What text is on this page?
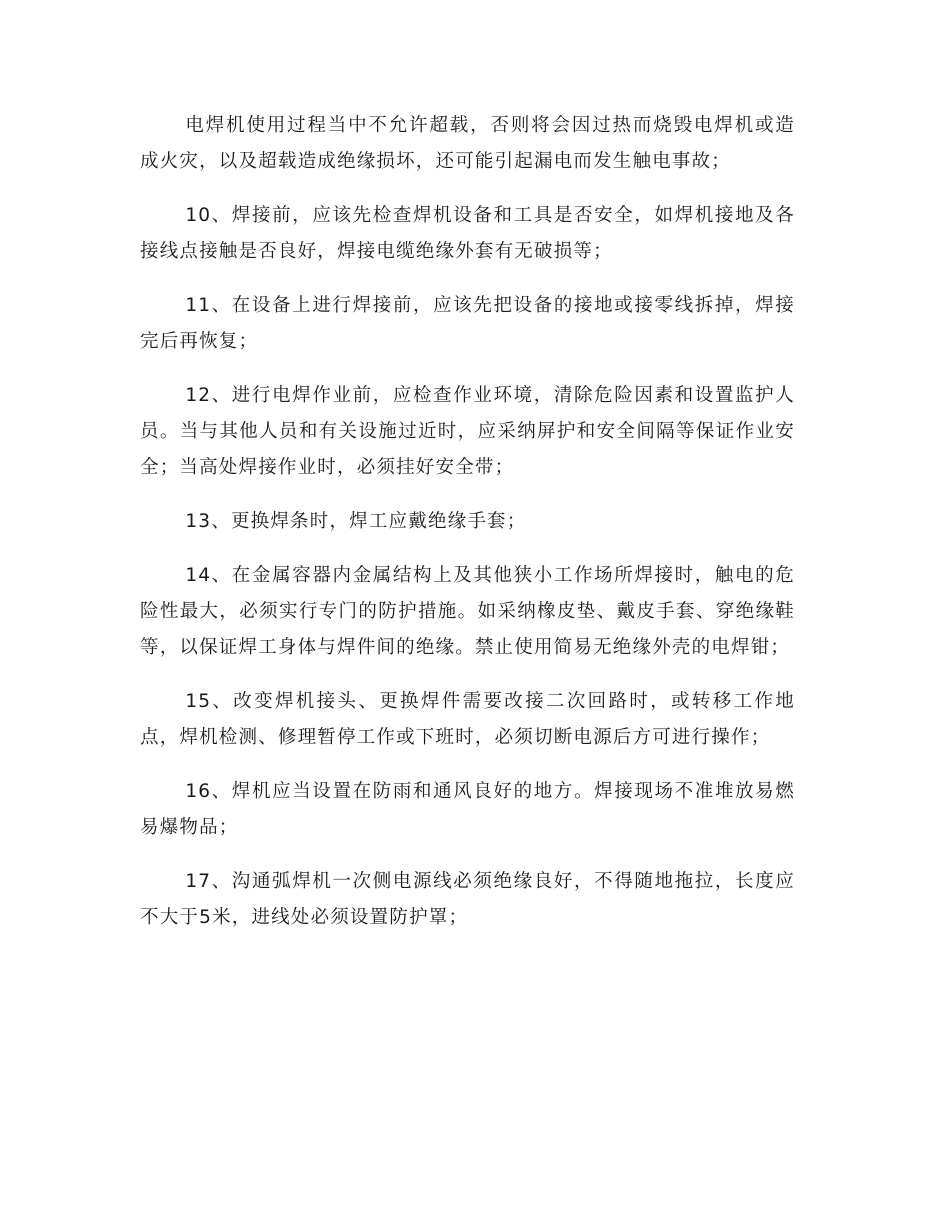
电焊机使用过程当中不允许超载，否则将会因过热而烧毁电焊机或造成火灾，以及超载造成绝缘损坏，还可能引起漏电而发生触电事故；

10、焊接前，应该先检查焊机设备和工具是否安全，如焊机接地及各接线点接触是否良好，焊接电缆绝缘外套有无破损等；

11、在设备上进行焊接前，应该先把设备的接地或接零线拆掉，焊接完后再恢复；

12、进行电焊作业前，应检查作业环境，清除危险因素和设置监护人员。当与其他人员和有关设施过近时，应采纳屏护和安全间隔等保证作业安全；当高处焊接作业时，必须挂好安全带；

13、更换焊条时，焊工应戴绝缘手套；

14、在金属容器内金属结构上及其他狭小工作场所焊接时，触电的危险性最大，必须实行专门的防护措施。如采纳橡皮垫、戴皮手套、穿绝缘鞋等，以保证焊工身体与焊件间的绝缘。禁止使用简易无绝缘外壳的电焊钳；

15、改变焊机接头、更换焊件需要改接二次回路时，或转移工作地点，焊机检测、修理暂停工作或下班时，必须切断电源后方可进行操作；

16、焊机应当设置在防雨和通风良好的地方。焊接现场不准堆放易燃易爆物品；

17、沟通弧焊机一次侧电源线必须绝缘良好，不得随地拖拉，长度应不大于5米，进线处必须设置防护罩；
